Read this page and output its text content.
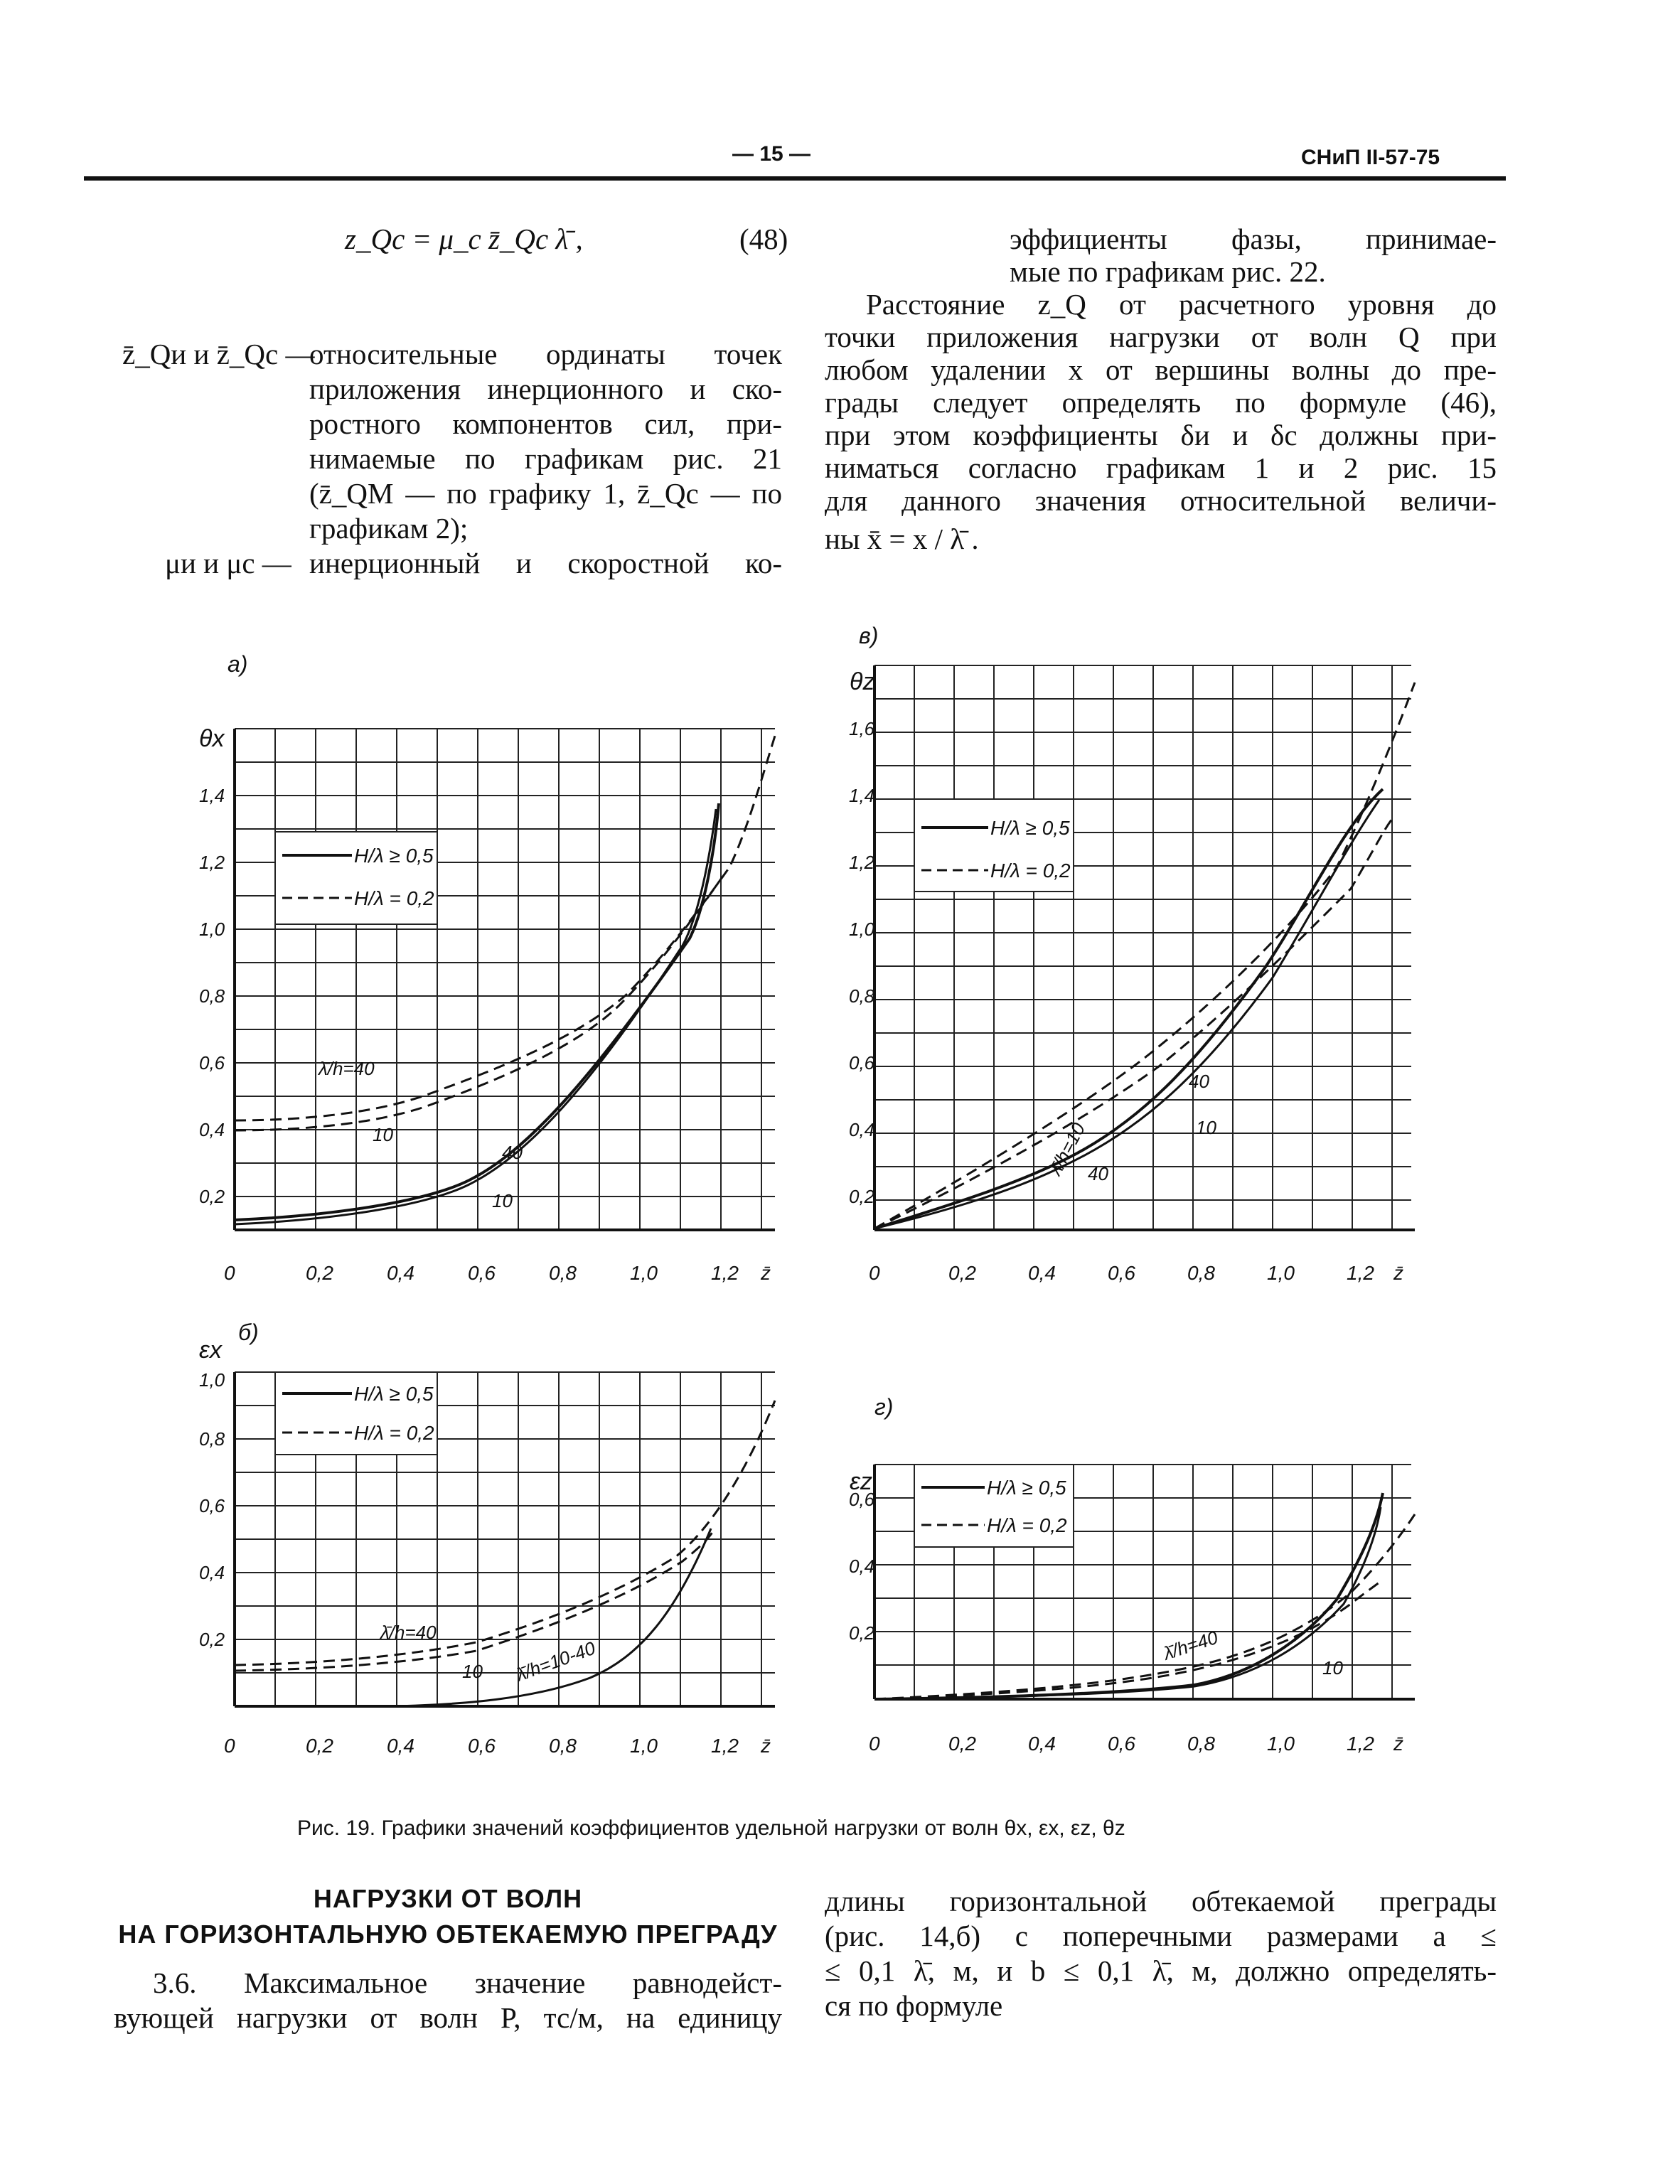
— 15 —	СНиП II-57-75
z_Qc = μ_c z̄_Qc λ̄ ,	(48)
z̄_Qи и z̄_Qc —
относительные ординаты точек
приложения инерционного и ско-
ростного компонентов сил, при-
нимаемые по графикам рис. 21
(z̄_QM — по графику 1, z̄_Qc — по
графикам 2);
μи и μc — инерционный и скоростной ко-
эффициенты фазы, принимае-
мые по графикам рис. 22.
Расстояние z_Q от расчетного уровня до
точки приложения нагрузки от волн Q при
любом удалении x от вершины волны до пре-
грады следует определять по формуле (46),
при этом коэффициенты δи и δc должны при-
ниматься согласно графикам 1 и 2 рис. 15
для данного значения относительной величи-
ны x̄ = x / λ̄ .
а)
θx
H/λ ≥ 0,5
H/λ = 0,2
λ̄/h=40
10
40
10
0,2
0,4
0,6
0,8
1,0
1,2
1,4
0	0,2	0,4	0,6	0,8	1,0	1,2 z̄
в)
θz
H/λ ≥ 0,5
H/λ = 0,2
λ̄/h=10
40
40
10
0,2
0,4
0,6
0,8
1,0
1,2
1,4
1,6
0	0,2	0,4	0,6	0,8	1,0	1,2 z̄
б)
εx
H/λ ≥ 0,5
H/λ = 0,2
λ̄/h=40
10 λ̄/h=10-40
0,2
0,4
0,6
0,8
1,0
0	0,2	0,4	0,6	0,8	1,0	1,2 z̄
г)
εz	H/λ ≥ 0,5
H/λ = 0,2
λ̄/h=40
10
0,2
0,4
0,6
0	0,2	0,4	0,6	0,8	1,0	1,2 z̄
Рис. 19. Графики значений коэффициентов удельной нагрузки от волн θx, εx, εz, θz
НАГРУЗКИ ОТ ВОЛН
НА ГОРИЗОНТАЛЬНУЮ ОБТЕКАЕМУЮ ПРЕГРАДУ
3.6. Максимальное значение равнодейст-
вующей нагрузки от волн P, тс/м, на единицу
длины горизонтальной обтекаемой преграды
(рис. 14,б) с поперечными размерами a ≤
≤ 0,1 λ̄, м, и b ≤ 0,1 λ̄, м, должно определять-
ся по формуле
